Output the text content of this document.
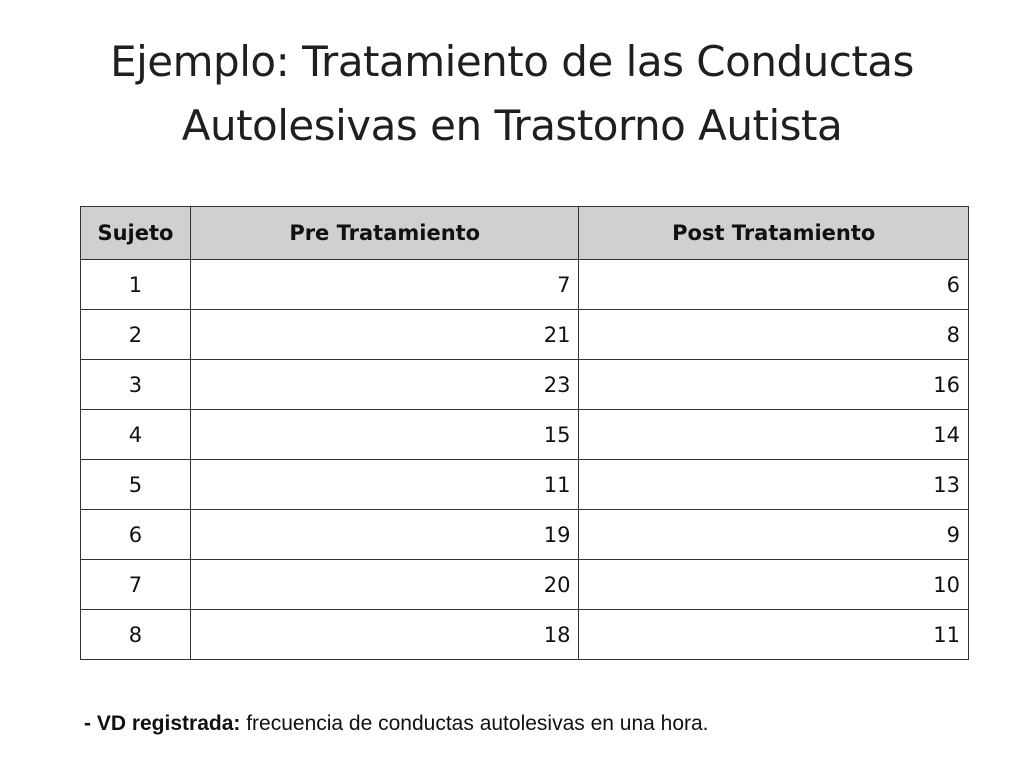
Ejemplo: Tratamiento de las Conductas
Autolesivas en Trastorno Autista
Sujeto	Pre Tratamiento	Post Tratamiento
1	7	6
2	21	8
3	23	16
4	15	14
5	11	13
6	19	9
7	20	10
8	18	11
- VD registrada: frecuencia de conductas autolesivas en una hora.
